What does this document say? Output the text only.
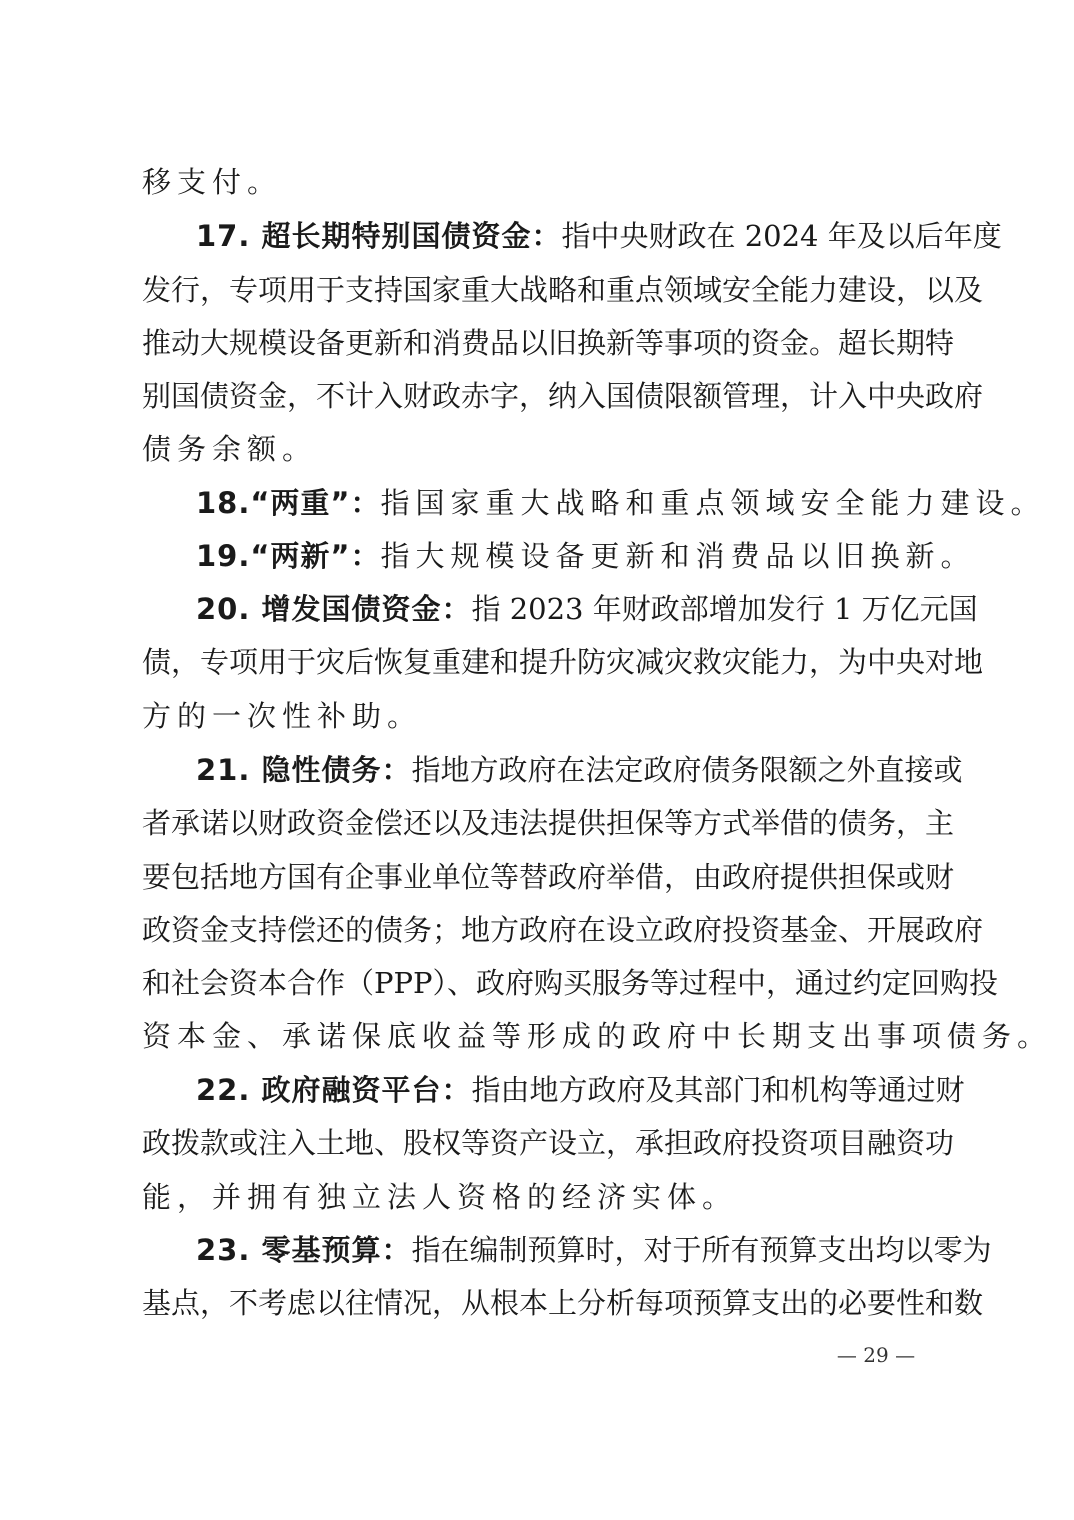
移支付。
17. 超长期特别国债资金：指中央财政在 2024 年及以后年度
发行，专项用于支持国家重大战略和重点领域安全能力建设，以及
推动大规模设备更新和消费品以旧换新等事项的资金。超长期特
别国债资金，不计入财政赤字，纳入国债限额管理，计入中央政府
债务余额。
18.“两重”：指国家重大战略和重点领域安全能力建设。
19.“两新”：指大规模设备更新和消费品以旧换新。
20. 增发国债资金：指 2023 年财政部增加发行 1 万亿元国
债，专项用于灾后恢复重建和提升防灾减灾救灾能力，为中央对地
方的一次性补助。
21. 隐性债务：指地方政府在法定政府债务限额之外直接或
者承诺以财政资金偿还以及违法提供担保等方式举借的债务，主
要包括地方国有企事业单位等替政府举借，由政府提供担保或财
政资金支持偿还的债务；地方政府在设立政府投资基金、开展政府
和社会资本合作（PPP）、政府购买服务等过程中，通过约定回购投
资本金、承诺保底收益等形成的政府中长期支出事项债务。
22. 政府融资平台：指由地方政府及其部门和机构等通过财
政拨款或注入土地、股权等资产设立，承担政府投资项目融资功
能，并拥有独立法人资格的经济实体。
23. 零基预算：指在编制预算时，对于所有预算支出均以零为
基点，不考虑以往情况，从根本上分析每项预算支出的必要性和数
— 29 —
